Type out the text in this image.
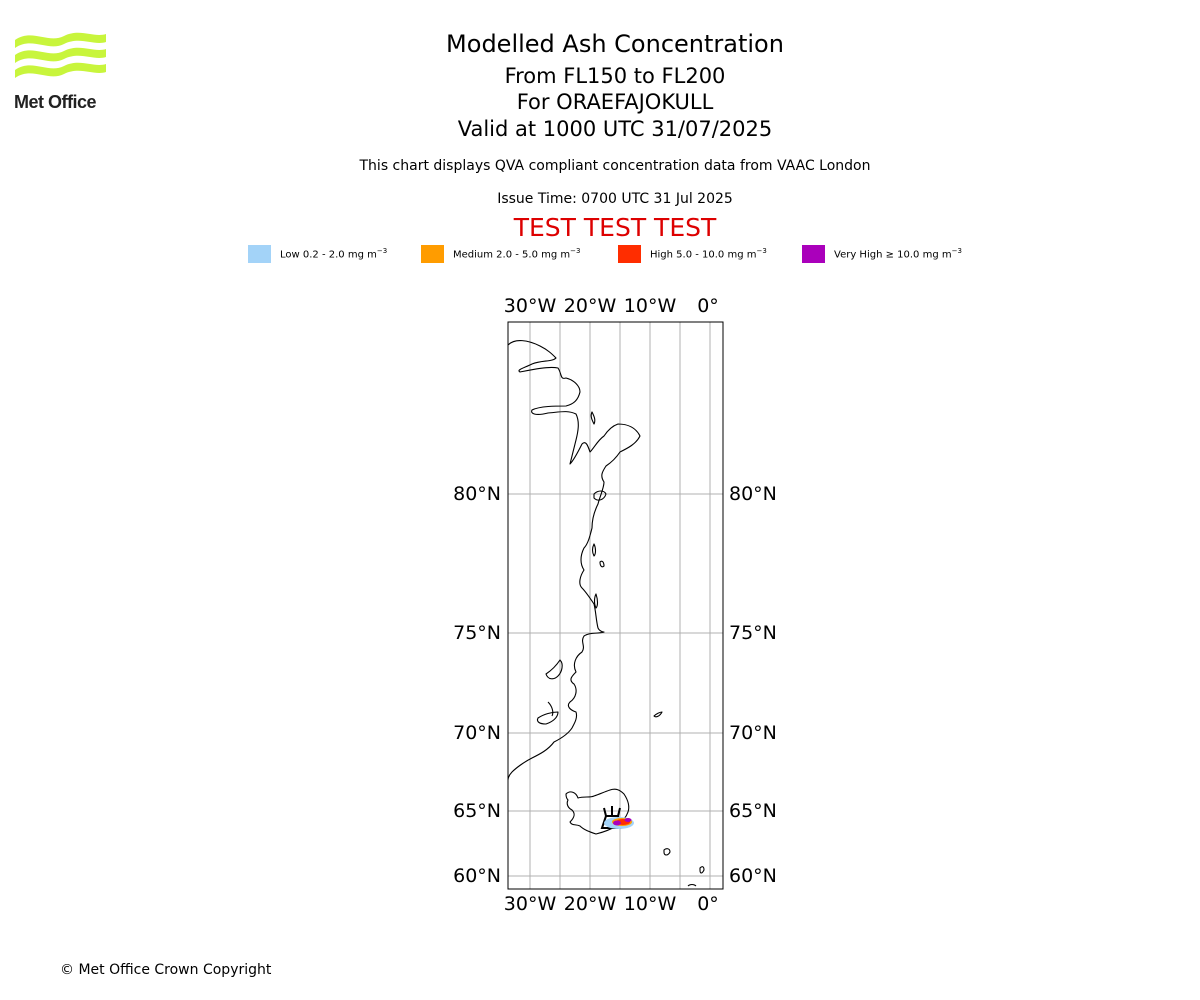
Met Office
Modelled Ash Concentration
From FL150 to FL200
For ORAEFAJOKULL
Valid at 1000 UTC 31/07/2025
This chart displays QVA compliant concentration data from VAAC London
Issue Time: 0700 UTC 31 Jul 2025
TEST TEST TEST
Low 0.2 - 2.0 mg $m^{-3}$	Medium 2.0 - 5.0 mg $m^{-3}$	High 5.0 - 10.0 mg $m^{-3}$	Very High ≥ 10.0 mg $m^{-3}$
30°W 20°W 10°W 0°
30°W 20°W 10°W 0°
80°N
75°N
70°N
65°N
60°N
80°N
75°N
70°N
65°N
60°N
© Met Office Crown Copyright
